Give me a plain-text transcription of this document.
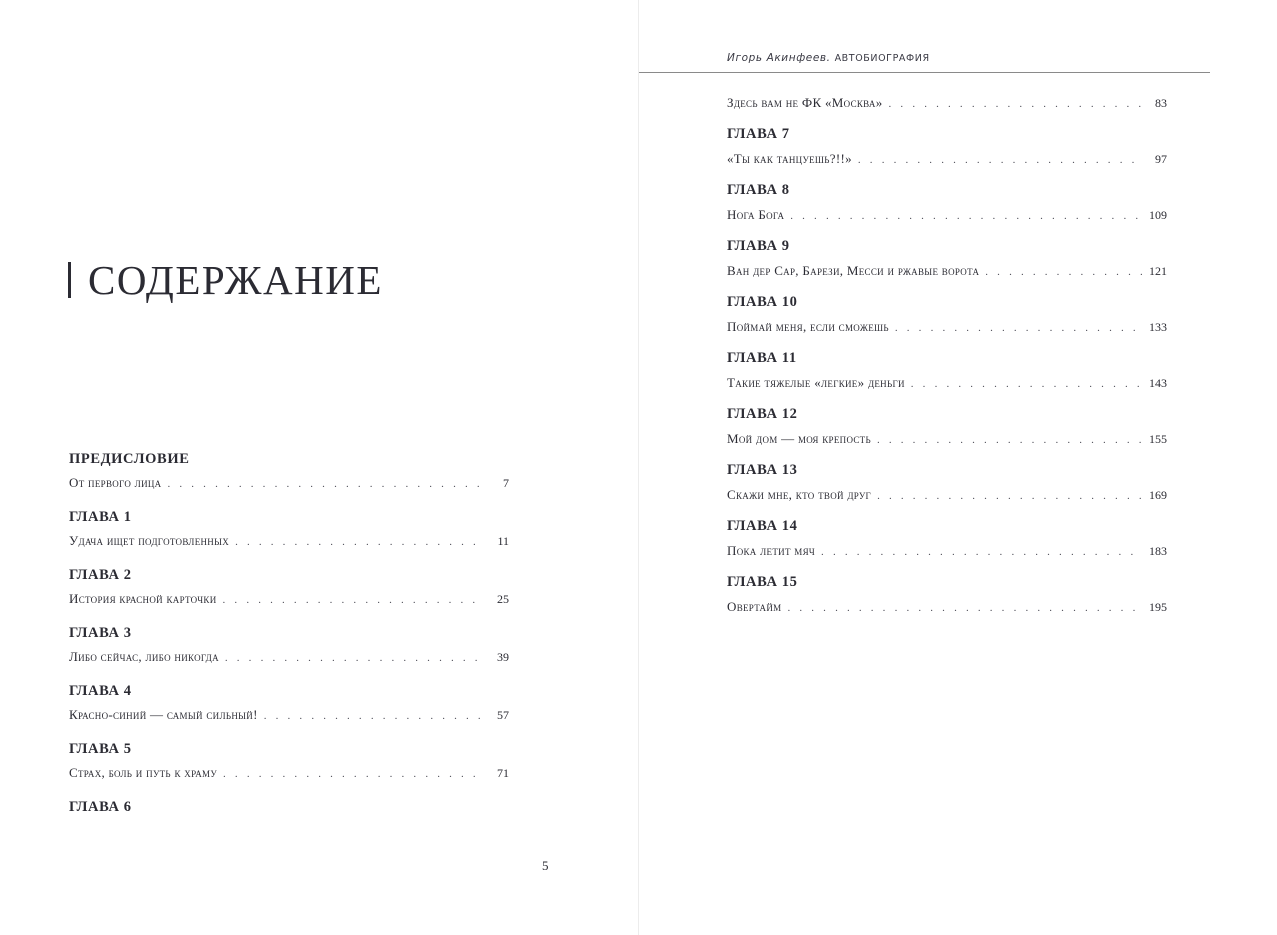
СОДЕРЖАНИЕ
ПРЕДИСЛОВИЕ
От первого лица . . .	7
ГЛАВА 1
Удача ищет подготовленных . . .	11
ГЛАВА 2
История красной карточки . . .	25
ГЛАВА 3
Либо сейчас, либо никогда . . .	39
ГЛАВА 4
Красно-синий — самый сильный! . . .	57
ГЛАВА 5
Страх, боль и путь к храму . . .	71
ГЛАВА 6
5
Игорь Акинфеев. АВТОБИОГРАФИЯ
Здесь вам не ФК «Москва» . . .	83
ГЛАВА 7
«Ты как танцуешь?!!» . . .	97
ГЛАВА 8
Нога Бога . . .	109
ГЛАВА 9
Ван дер Сар, Барези, Месси и ржавые ворота . . .	121
ГЛАВА 10
Поймай меня, если сможешь . . .	133
ГЛАВА 11
Такие тяжелые «легкие» деньги . . .	143
ГЛАВА 12
Мой дом — моя крепость . . .	155
ГЛАВА 13
Скажи мне, кто твой друг . . .	169
ГЛАВА 14
Пока летит мяч . . .	183
ГЛАВА 15
Овертайм . . .	195
